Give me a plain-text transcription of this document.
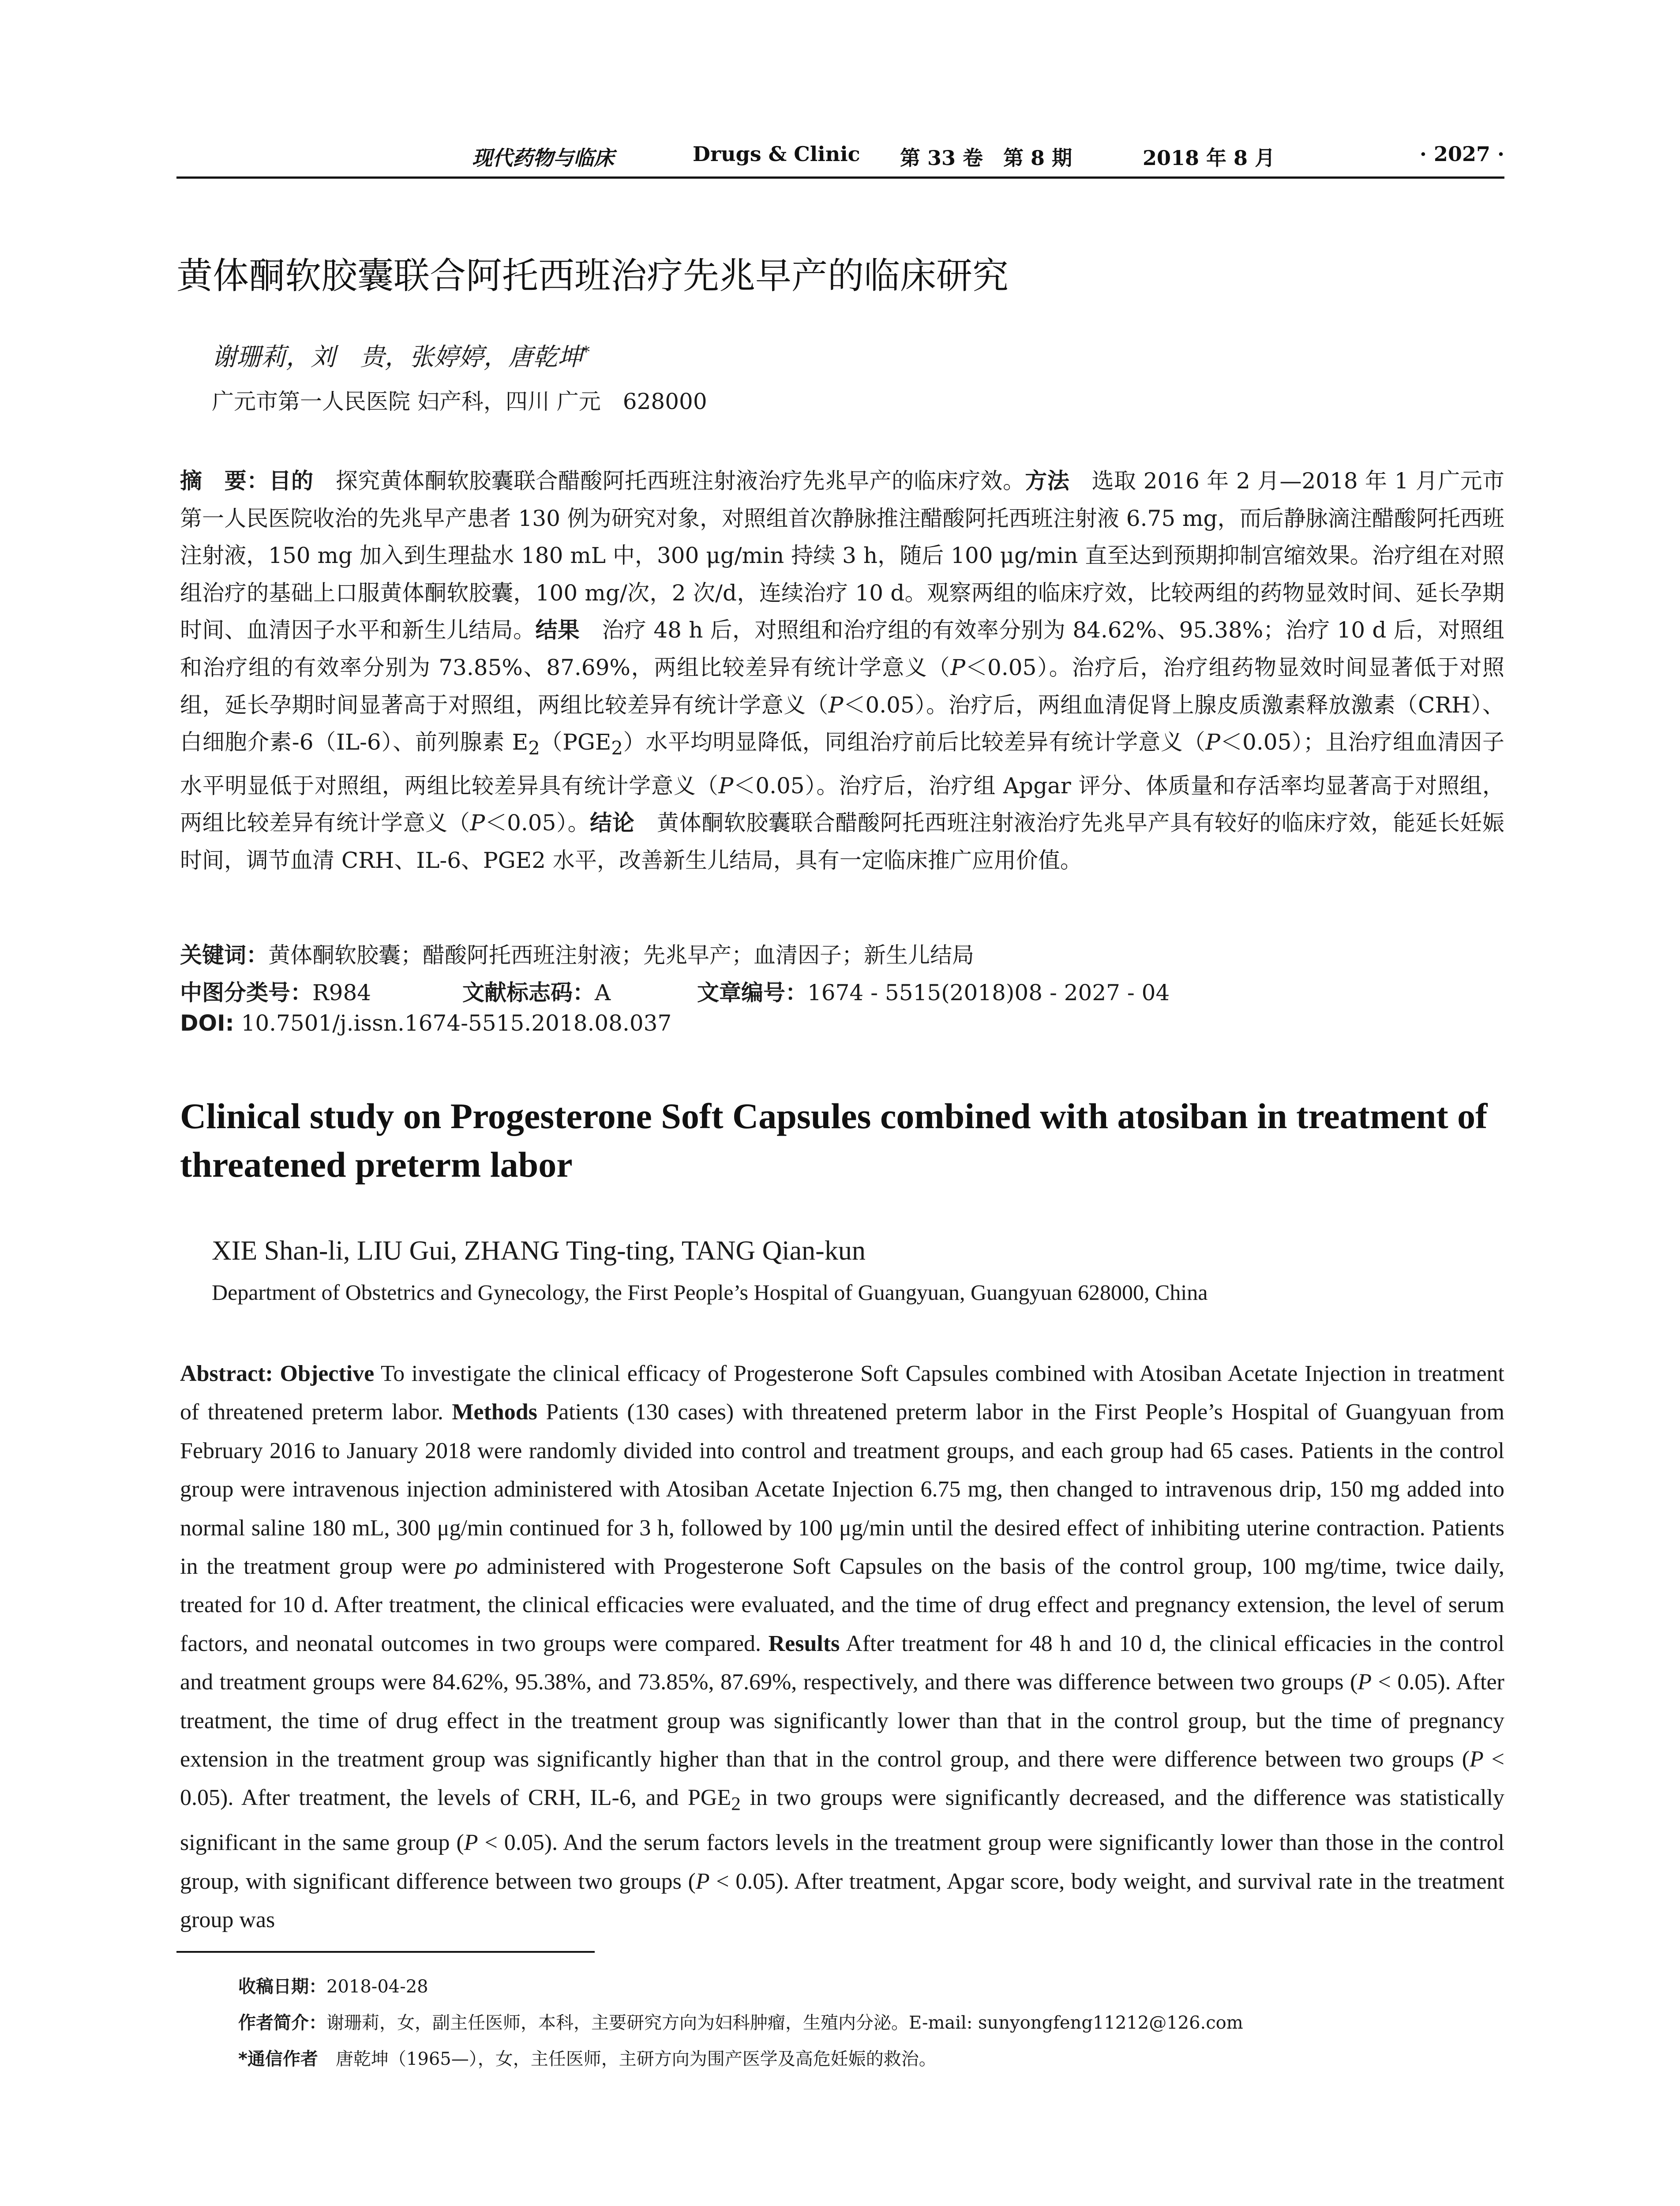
现代药物与临床	Drugs & Clinic 第 33 卷　第 8 期	2018 年 8 月	· 2027 ·
黄体酮软胶囊联合阿托西班治疗先兆早产的临床研究
谢珊莉，刘　贵，张婷婷，唐乾坤*
广元市第一人民医院 妇产科，四川 广元　628000
摘　要：目的　探究黄体酮软胶囊联合醋酸阿托西班注射液治疗先兆早产的临床疗效。方法　选取 2016 年 2 月—2018 年 1 月广元市第一人民医院收治的先兆早产患者 130 例为研究对象，对照组首次静脉推注醋酸阿托西班注射液 6.75 mg，而后静脉滴注醋酸阿托西班注射液，150 mg 加入到生理盐水 180 mL 中，300 μg/min 持续 3 h，随后 100 μg/min 直至达到预期抑制宫缩效果。治疗组在对照组治疗的基础上口服黄体酮软胶囊，100 mg/次，2 次/d，连续治疗 10 d。观察两组的临床疗效，比较两组的药物显效时间、延长孕期时间、血清因子水平和新生儿结局。结果　治疗 48 h 后，对照组和治疗组的有效率分别为 84.62%、95.38%；治疗 10 d 后，对照组和治疗组的有效率分别为 73.85%、87.69%，两组比较差异有统计学意义（P＜0.05）。治疗后，治疗组药物显效时间显著低于对照组，延长孕期时间显著高于对照组，两组比较差异有统计学意义（P＜0.05）。治疗后，两组血清促肾上腺皮质激素释放激素（CRH）、白细胞介素-6（IL-6）、前列腺素 $E_2(PGE_2)$水平均明显降低，同组治疗前后比较差异有统计学意义（P＜0.05）；且治疗组血清因子水平明显低于对照组，两组比较差异具有统计学意义（P＜0.05）。治疗后，治疗组 Apgar 评分、体质量和存活率均显著高于对照组，两组比较差异有统计学意义（P＜0.05）。结论　黄体酮软胶囊联合醋酸阿托西班注射液治疗先兆早产具有较好的临床疗效，能延长妊娠时间，调节血清 CRH、IL-6、PGE2 水平，改善新生儿结局，具有一定临床推广应用价值。
关键词：黄体酮软胶囊；醋酸阿托西班注射液；先兆早产；血清因子；新生儿结局
中图分类号：R984	文献标志码：A	文章编号：1674 - 5515(2018)08 - 2027 - 04
DOI: 10.7501/j.issn.1674-5515.2018.08.037
Clinical study on Progesterone Soft Capsules combined with atosiban in treatment of threatened preterm labor
XIE Shan-li, LIU Gui, ZHANG Ting-ting, TANG Qian-kun
Department of Obstetrics and Gynecology, the First People’s Hospital of Guangyuan, Guangyuan 628000, China
Abstract: Objective To investigate the clinical efficacy of Progesterone Soft Capsules combined with Atosiban Acetate Injection in treatment of threatened preterm labor. Methods Patients (130 cases) with threatened preterm labor in the First People’s Hospital of Guangyuan from February 2016 to January 2018 were randomly divided into control and treatment groups, and each group had 65 cases. Patients in the control group were intravenous injection administered with Atosiban Acetate Injection 6.75 mg, then changed to intravenous drip, 150 mg added into normal saline 180 mL, 300 μg/min continued for 3 h, followed by 100 μg/min until the desired effect of inhibiting uterine contraction. Patients in the treatment group were po administered with Progesterone Soft Capsules on the basis of the control group, 100 mg/time, twice daily, treated for 10 d. After treatment, the clinical efficacies were evaluated, and the time of drug effect and pregnancy extension, the level of serum factors, and neonatal outcomes in two groups were compared. Results After treatment for 48 h and 10 d, the clinical efficacies in the control and treatment groups were 84.62%, 95.38%, and 73.85%, 87.69%, respectively, and there was difference between two groups (P < 0.05). After treatment, the time of drug effect in the treatment group was significantly lower than that in the control group, but the time of pregnancy extension in the treatment group was significantly higher than that in the control group, and there were difference between two groups (P < 0.05). After treatment, the levels of CRH, IL-6, and $PGE_2$ in two groups were significantly decreased, and the difference was statistically significant in the same group (P < 0.05). And the serum factors levels in the treatment group were significantly lower than those in the control group, with significant difference between two groups (P < 0.05). After treatment, Apgar score, body weight, and survival rate in the treatment group was
收稿日期：2018-04-28
作者简介：谢珊莉，女，副主任医师，本科，主要研究方向为妇科肿瘤，生殖内分泌。E-mail: sunyongfeng11212@126.com
*通信作者　唐乾坤（1965—），女，主任医师，主研方向为围产医学及高危妊娠的救治。
